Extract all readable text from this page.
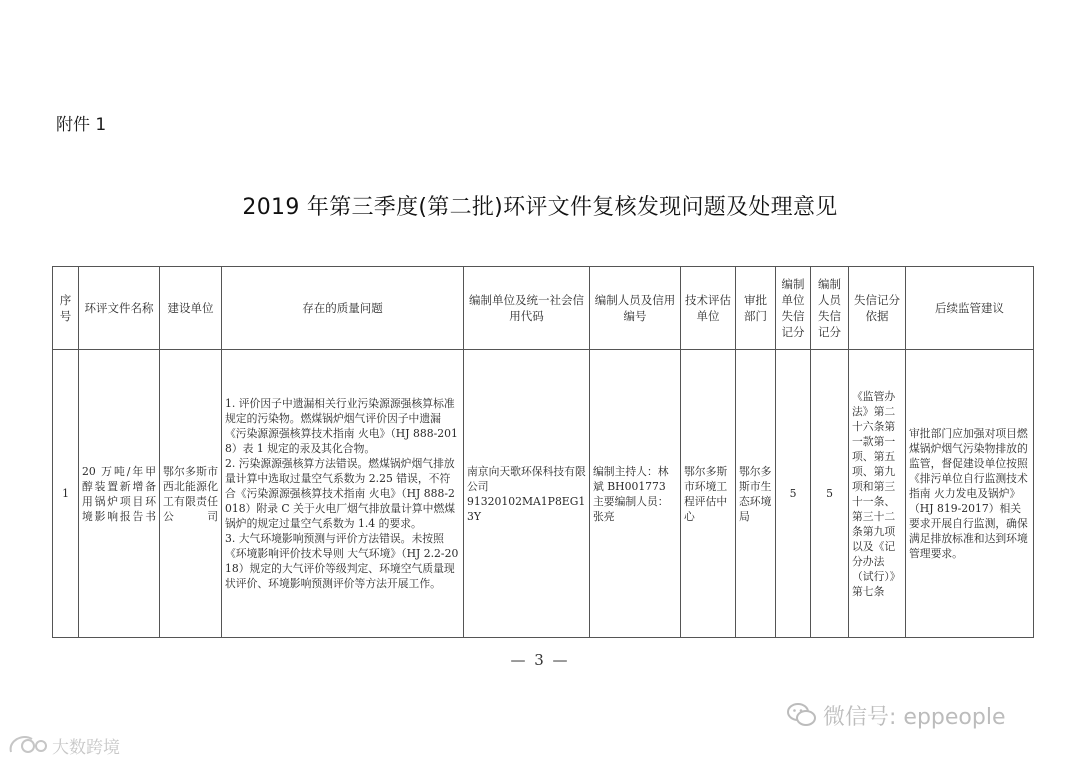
附件 1
2019 年第三季度(第二批)环评文件复核发现问题及处理意见
序号	环评文件名称	建设单位	存在的质量问题	编制单位及统一社会信用代码	编制人员及信用编号	技术评估单位	审批部门	编制单位失信记分	编制人员失信记分	失信记分依据	后续监管建议
1	20 万吨/年甲醇装置新增备用锅炉项目环境影响报告书	鄂尔多斯市西北能源化工有限责任公司	1. 评价因子中遗漏相关行业污染源源强核算标准规定的污染物。燃煤锅炉烟气评价因子中遗漏《污染源源强核算技术指南 火电》（HJ 888-2018）表 1 规定的汞及其化合物。
2. 污染源源强核算方法错误。燃煤锅炉烟气排放量计算中选取过量空气系数为 2.25 错误，不符合《污染源源强核算技术指南 火电》（HJ 888-2018）附录 C 关于火电厂烟气排放量计算中燃煤锅炉的规定过量空气系数为 1.4 的要求。
3. 大气环境影响预测与评价方法错误。未按照《环境影响评价技术导则 大气环境》（HJ 2.2-2018）规定的大气评价等级判定、环境空气质量现状评价、环境影响预测评价等方法开展工作。	南京向天歌环保科技有限公司
91320102MA1P8EG13Y	编制主持人：林斌 BH001773 主要编制人员：张亮	鄂尔多斯市环境工程评估中心	鄂尔多斯市生态环境局	5	5	《监管办法》第二十六条第一款第一项、第五项、第九项和第三十一条、第三十二条第九项以及《记分办法（试行）》第七条	审批部门应加强对项目燃煤锅炉烟气污染物排放的监管，督促建设单位按照《排污单位自行监测技术指南 火力发电及锅炉》（HJ 819-2017）相关要求开展自行监测，确保满足排放标准和达到环境管理要求。
— 3 —
微信号: eppeople
大数跨境
